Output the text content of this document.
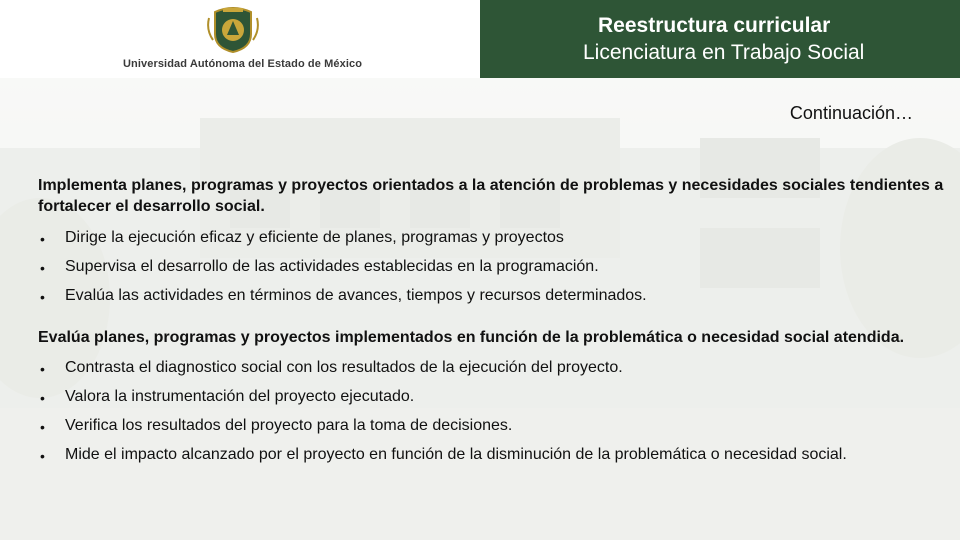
Universidad Autónoma del Estado de México
Reestructura curricular
Licenciatura en Trabajo Social
Continuación…

Implementa planes, programas y proyectos orientados a la atención de problemas y necesidades sociales tendientes a fortalecer el desarrollo social.

• Dirige la ejecución eficaz y eficiente de planes, programas y proyectos
• Supervisa el desarrollo de las actividades establecidas en la programación.
• Evalúa las actividades en términos de avances, tiempos y recursos determinados.

Evalúa planes, programas y proyectos implementados en función de la problemática o necesidad social atendida.

• Contrasta el diagnostico social con los resultados de la ejecución del proyecto.
• Valora la instrumentación del proyecto ejecutado.
• Verifica los resultados del proyecto para la toma de decisiones.
• Mide el impacto alcanzado por el proyecto en función de la disminución de la problemática o necesidad social.
